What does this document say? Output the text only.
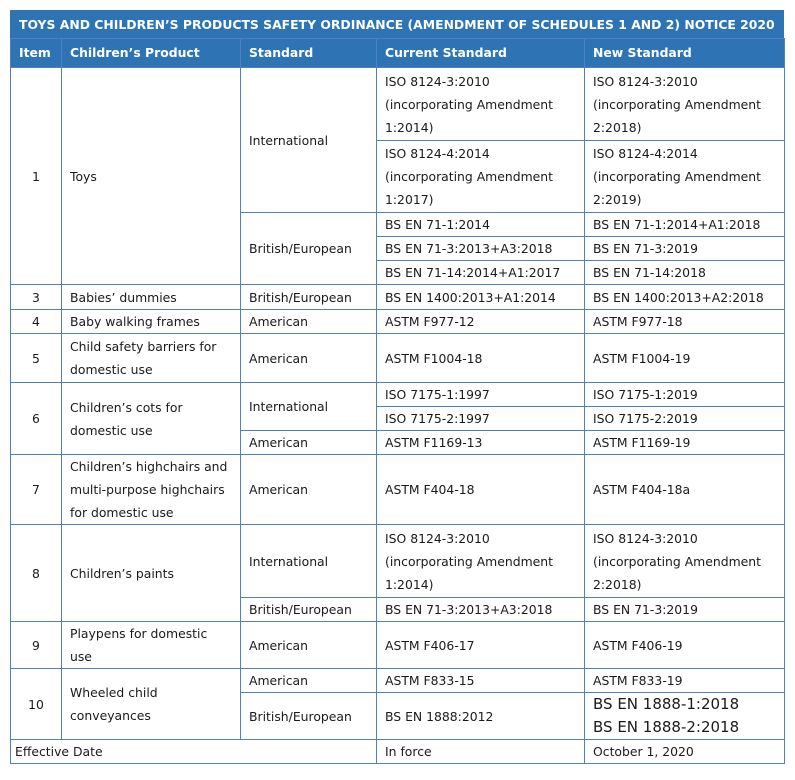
TOYS AND CHILDREN’S PRODUCTS SAFETY ORDINANCE (AMENDMENT OF SCHEDULES 1 AND 2) NOTICE 2020
Item	Children’s Product	Standard	Current Standard	New Standard
1	Toys	International	ISO 8124-3:2010
(incorporating Amendment
1:2014)	ISO 8124-3:2010
(incorporating Amendment
2:2018)

			ISO 8124-4:2014
(incorporating Amendment
1:2017)	ISO 8124-4:2014
(incorporating Amendment
2:2019)

		British/European	BS EN 71-1:2014	BS EN 71-1:2014+A1:2018
			BS EN 71-3:2013+A3:2018	BS EN 71-3:2019
			BS EN 71-14:2014+A1:2017	BS EN 71-14:2018
3	Babies’ dummies	British/European	BS EN 1400:2013+A1:2014	BS EN 1400:2013+A2:2018
4	Baby walking frames	American	ASTM F977-12	ASTM F977-18
5	Child safety barriers for
domestic use	American	ASTM F1004-18	ASTM F1004-19
6	Children’s cots for
domestic use	International	ISO 7175-1:1997	ISO 7175-1:2019
			ISO 7175-2:1997	ISO 7175-2:2019
		American	ASTM F1169-13	ASTM F1169-19
7	Children’s highchairs and
multi-purpose highchairs
for domestic use	American	ASTM F404-18	ASTM F404-18a
8	Children’s paints	International	ISO 8124-3:2010
(incorporating Amendment
1:2014)	ISO 8124-3:2010
(incorporating Amendment
2:2018)

		British/European	BS EN 71-3:2013+A3:2018	BS EN 71-3:2019
9	Playpens for domestic
use	American	ASTM F406-17	ASTM F406-19
10	Wheeled child
conveyances	American	ASTM F833-15	ASTM F833-19
		British/European	BS EN 1888:2012	BS EN 1888-1:2018
BS EN 1888-2:2018

Effective Date			In force	October 1, 2020
